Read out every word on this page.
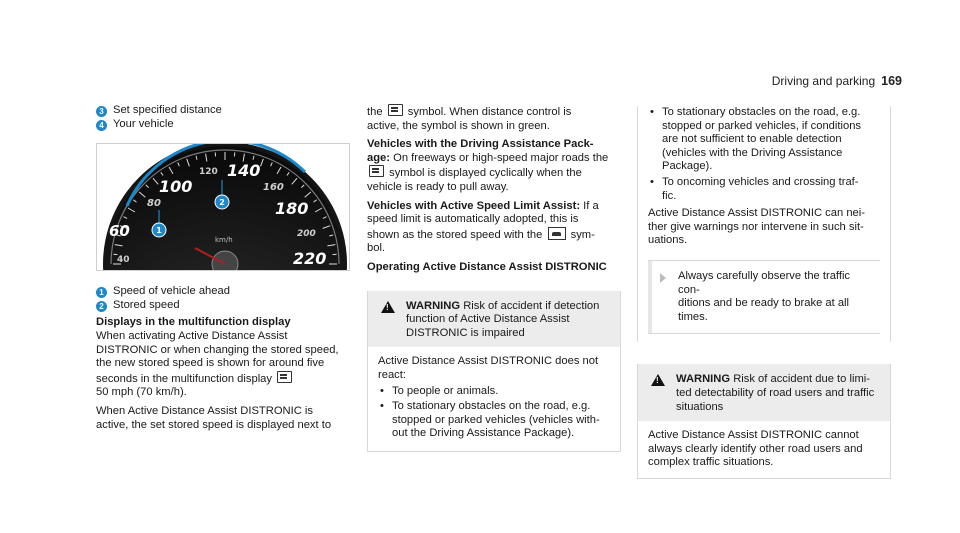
Driving and parking 169

3 Set specified distance

4 Your vehicle

40
60
80
100
120 140
160
180
200
220
km/h
1
2

1 Speed of vehicle ahead

2 Stored speed

Displays in the multifunction display

When activating Active Distance Assist
DISTRONIC or when changing the stored speed,
the new stored speed is shown for around five
seconds in the multifunction display
50 mph (70 km/h).
When Active Distance Assist DISTRONIC is
active, the set stored speed is displayed next to
the symbol. When distance control is
active, the symbol is shown in green.
Vehicles with the Driving Assistance Pack-
age: On freeways or high-speed major roads the
symbol is displayed cyclically when the
vehicle is ready to pull away.
Vehicles with Active Speed Limit Assist: If a
speed limit is automatically adopted, this is
shown as the stored speed with the	sym-
bol.
Operating Active Distance Assist DISTRONIC
!
WARNING Risk of accident if detection
function of Active Distance Assist
DISTRONIC is impaired
Active Distance Assist DISTRONIC does not
react:
• To people or animals.
• To stationary obstacles on the road, e.g.
stopped or parked vehicles (vehicles with-
out the Driving Assistance Package).
• To stationary obstacles on the road, e.g.
stopped or parked vehicles, if conditions
are not sufficient to enable detection
(vehicles with the Driving Assistance
Package).
• To oncoming vehicles and crossing traf-
fic.
Active Distance Assist DISTRONIC can nei-
ther give warnings nor intervene in such sit-
uations.
Always carefully observe the traffic con-
ditions and be ready to brake at all
times.
!
WARNING Risk of accident due to limi-
ted detectability of road users and traffic
situations
Active Distance Assist DISTRONIC cannot
always clearly identify other road users and
complex traffic situations.
